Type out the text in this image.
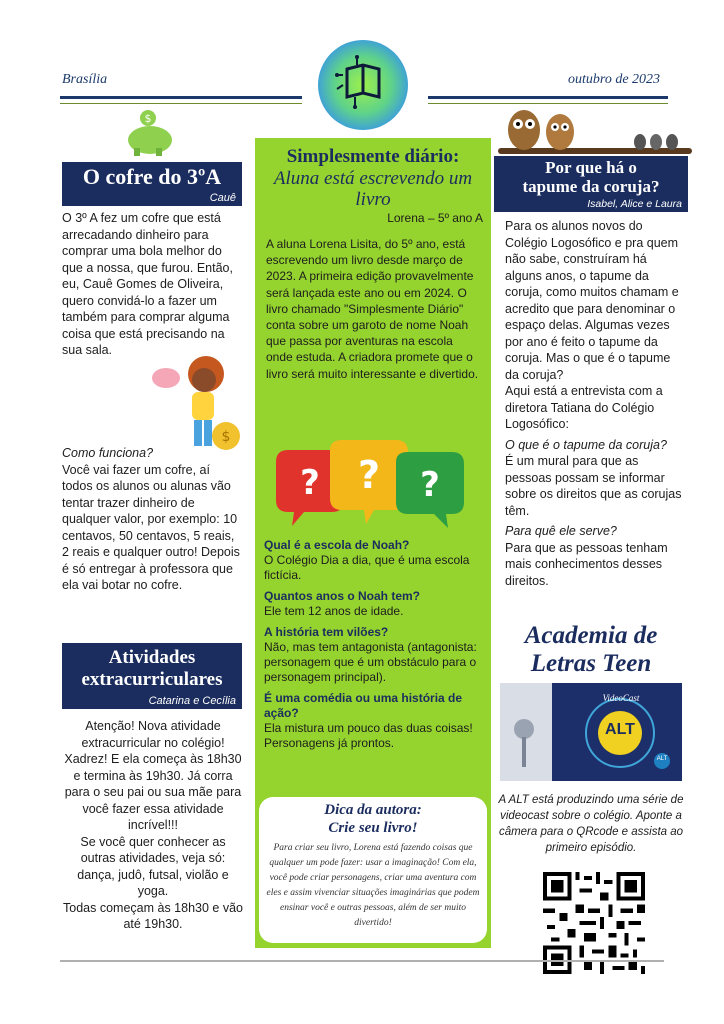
Brasília	outubro de 2023
$
O cofre do 3ºA
Cauê
O 3º A fez um cofre que está arrecadando dinheiro para comprar uma bola melhor do que a nossa, que furou. Então, eu, Cauê Gomes de Oliveira, quero convidá-lo a fazer um também para comprar alguma coisa que está precisando na sua sala.
$
Como funciona?
Você vai fazer um cofre, aí todos os alunos ou alunas vão tentar trazer dinheiro de qualquer valor, por exemplo: 10 centavos, 50 centavos, 5 reais, 2 reais e qualquer outro! Depois é só entregar à professora que ela vai botar no cofre.
Atividades
extracurriculares
Catarina e Cecília
Atenção! Nova atividade extracurricular no colégio! Xadrez! E ela começa às 18h30 e termina às 19h30. Já corra para o seu pai ou sua mãe para você fazer essa atividade incrível!!!
Se você quer conhecer as outras atividades, veja só: dança, judô, futsal, violão e yoga.
Todas começam às 18h30 e vão até 19h30.
Simplesmente diário:
Aluna está escrevendo um livro
Lorena – 5º ano A
A aluna Lorena Lisita, do 5º ano, está escrevendo um livro desde março de 2023. A primeira edição provavelmente será lançada este ano ou em 2024. O livro chamado "Simplesmente Diário" conta sobre um garoto de nome Noah que passa por aventuras na escola onde estuda. A criadora promete que o livro será muito interessante e divertido.
? ? ?
Qual é a escola de Noah?
O Colégio Dia a dia, que é uma escola fictícia.
Quantos anos o Noah tem?
Ele tem 12 anos de idade.
A história tem vilões?
Não, mas tem antagonista (antagonista: personagem que é um obstáculo para o personagem principal).
É uma comédia ou uma história de ação?
Ela mistura um pouco das duas coisas! Personagens já prontos.
Dica da autora:
Crie seu livro!
Para criar seu livro, Lorena está fazendo coisas que qualquer um pode fazer: usar a imaginação! Com ela, você pode criar personagens, criar uma aventura com eles e assim vivenciar situações imaginárias que podem ensinar você e outras pessoas, além de ser muito divertido!
Por que há o
tapume da coruja?
Isabel, Alice e Laura
Para os alunos novos do Colégio Logosófico e pra quem não sabe, construíram há alguns anos, o tapume da coruja, como muitos chamam e acredito que para denominar o espaço delas. Algumas vezes por ano é feito o tapume da coruja. Mas o que é o tapume da coruja?
Aqui está a entrevista com a diretora Tatiana do Colégio Logosófico:
O que é o tapume da coruja?
É um mural para que as pessoas possam se informar sobre os direitos que as corujas têm.
Para quê ele serve?
Para que as pessoas tenham mais conhecimentos desses direitos.
Academia de
Letras Teen
VideoCast
ALT
ALT
A ALT está produzindo uma série de videocast sobre o colégio. Aponte a câmera para o QRcode e assista ao primeiro episódio.
